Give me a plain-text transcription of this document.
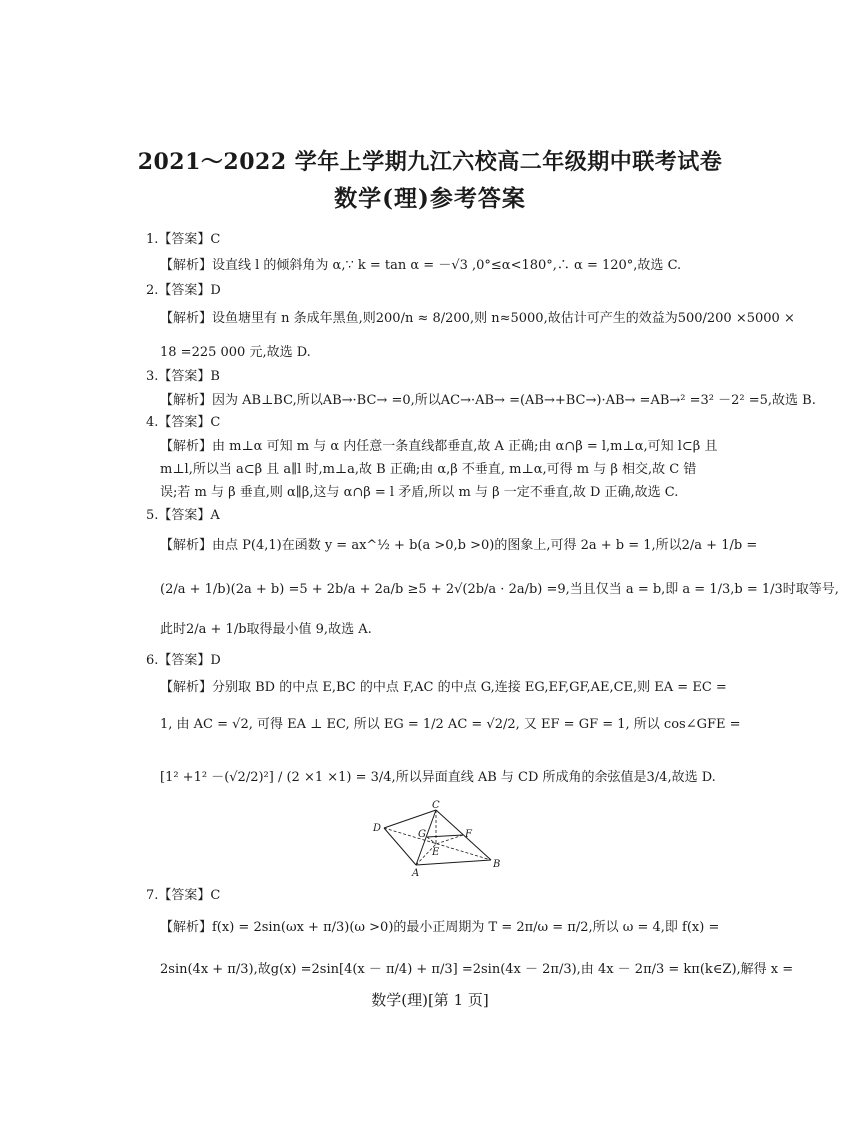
2021～2022 学年上学期九江六校高二年级期中联考试卷
数学(理)参考答案
1.【答案】C
【解析】设直线 l 的倾斜角为 α,∵ k = tan α = －√3 ,0°≤α<180°,∴ α = 120°,故选 C.
2.【答案】D
【解析】设鱼塘里有 n 条成年黑鱼,则200/n ≈ 8/200,则 n≈5000,故估计可产生的效益为500/200 ×5000 ×
18 =225 000 元,故选 D.
3.【答案】B
【解析】因为 AB⊥BC,所以AB→·BC→ =0,所以AC→·AB→ =(AB→+BC→)·AB→ =AB→² =3² －2² =5,故选 B.
4.【答案】C
【解析】由 m⊥α 可知 m 与 α 内任意一条直线都垂直,故 A 正确;由 α∩β = l,m⊥α,可知 l⊂β 且
m⊥l,所以当 a⊂β 且 a∥l 时,m⊥a,故 B 正确;由 α,β 不垂直, m⊥α,可得 m 与 β 相交,故 C 错
误;若 m 与 β 垂直,则 α∥β,这与 α∩β = l 矛盾,所以 m 与 β 一定不垂直,故 D 正确,故选 C.
5.【答案】A
【解析】由点 P(4,1)在函数 y = ax^½ + b(a >0,b >0)的图象上,可得 2a + b = 1,所以2/a + 1/b =
(2/a + 1/b)(2a + b) =5 + 2b/a + 2a/b ≥5 + 2√(2b/a · 2a/b) =9,当且仅当 a = b,即 a = 1/3,b = 1/3时取等号,
此时2/a + 1/b取得最小值 9,故选 A.
6.【答案】D
【解析】分别取 BD 的中点 E,BC 的中点 F,AC 的中点 G,连接 EG,EF,GF,AE,CE,则 EA = EC =
1, 由 AC = √2, 可得 EA ⊥ EC, 所以 EG = 1/2 AC = √2/2, 又 EF = GF = 1, 所以 cos∠GFE =
[1² +1² －(√2/2)²] / (2 ×1 ×1) = 3/4,所以异面直线 AB 与 CD 所成角的余弦值是3/4,故选 D.
D
C
G	F
E
A
B
7.【答案】C
【解析】f(x) = 2sin(ωx + π/3)(ω >0)的最小正周期为 T = 2π/ω = π/2,所以 ω = 4,即 f(x) =
2sin(4x + π/3),故g(x) =2sin[4(x － π/4) + π/3] =2sin(4x － 2π/3),由 4x － 2π/3 = kπ(k∈Z),解得 x =
数学(理)[第 1 页]
